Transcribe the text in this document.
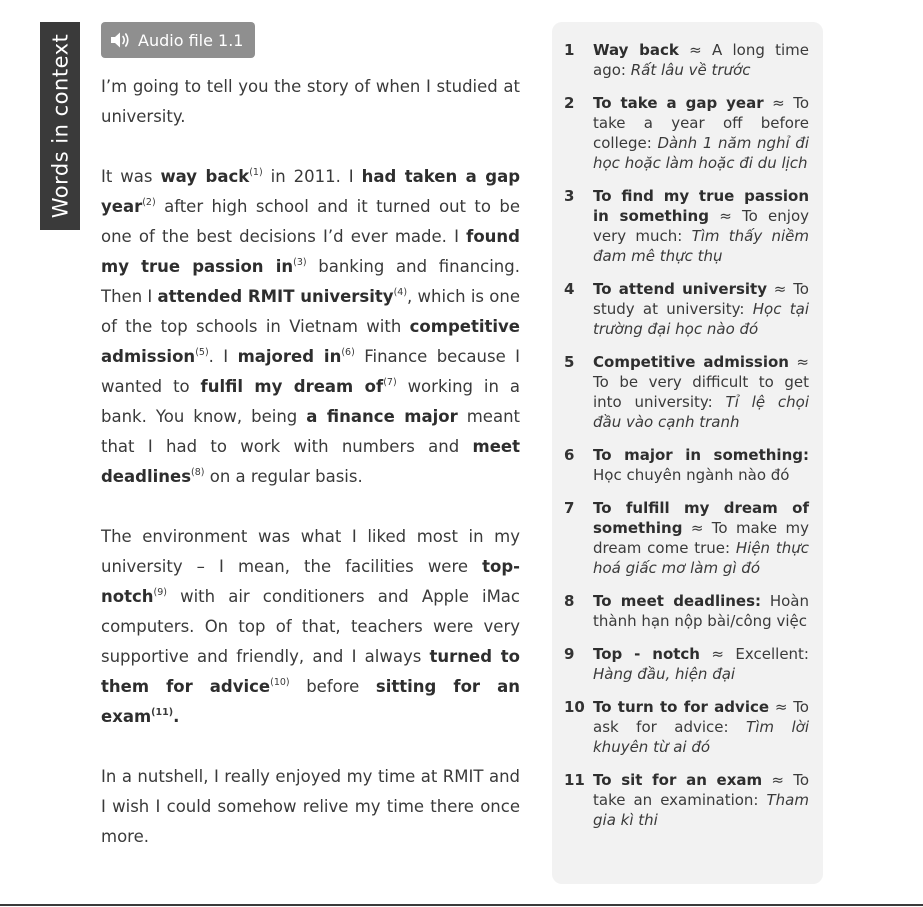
Words in context	Audio file 1.1

I’m going to tell you the story of when I studied at university.

It was way back$^{(1)}$ in 2011. I had taken a gap year$^{(2)}$ after high school and it turned out to be one of the best decisions I’d ever made. I found my true passion $in^{(3)}$ banking and financing. Then I attended RMIT university$^{(4)}$, which is one of the top schools in Vietnam with competitive admission$^{(5)}$. I majored $in^{(6)}$ Finance because I wanted to fulfil my dream $of^{(7)}$ working in a bank. You know, being a finance major meant that I had to work with numbers and meet deadlines$^{(8)}$ on a regular basis.

The environment was what I liked most in my university – I mean, the facilities were top-notch$^{(9)}$ with air conditioners and Apple iMac computers. On top of that, teachers were very supportive and friendly, and I always turned to them for advice$^{(10)}$ before sitting for an exam$^{(11)}$.

In a nutshell, I really enjoyed my time at RMIT and I wish I could somehow relive my time there once more.

1	Way back ≈ A long time ago: Rất lâu về trước
2	To take a gap year ≈ To take a year off before college: Dành 1 năm nghỉ đi học hoặc làm hoặc đi du lịch
3	To find my true passion in something ≈ To enjoy very much: Tìm thấy niềm đam mê thực thụ
4	To attend university ≈ To study at university: Học tại trường đại học nào đó
5	Competitive admission ≈ To be very difficult to get into university: Tỉ lệ chọi đầu vào cạnh tranh
6	To major in something: Học chuyên ngành nào đó
7	To fulfill my dream of something ≈ To make my dream come true: Hiện thực hoá giấc mơ làm gì đó
8	To meet deadlines: Hoàn thành hạn nộp bài/công việc
9	Top - notch ≈ Excellent: Hàng đầu, hiện đại
10 To turn to for advice ≈ To ask for advice: Tìm lời khuyên từ ai đó
11 To sit for an exam ≈ To take an examination: Tham gia kì thi
